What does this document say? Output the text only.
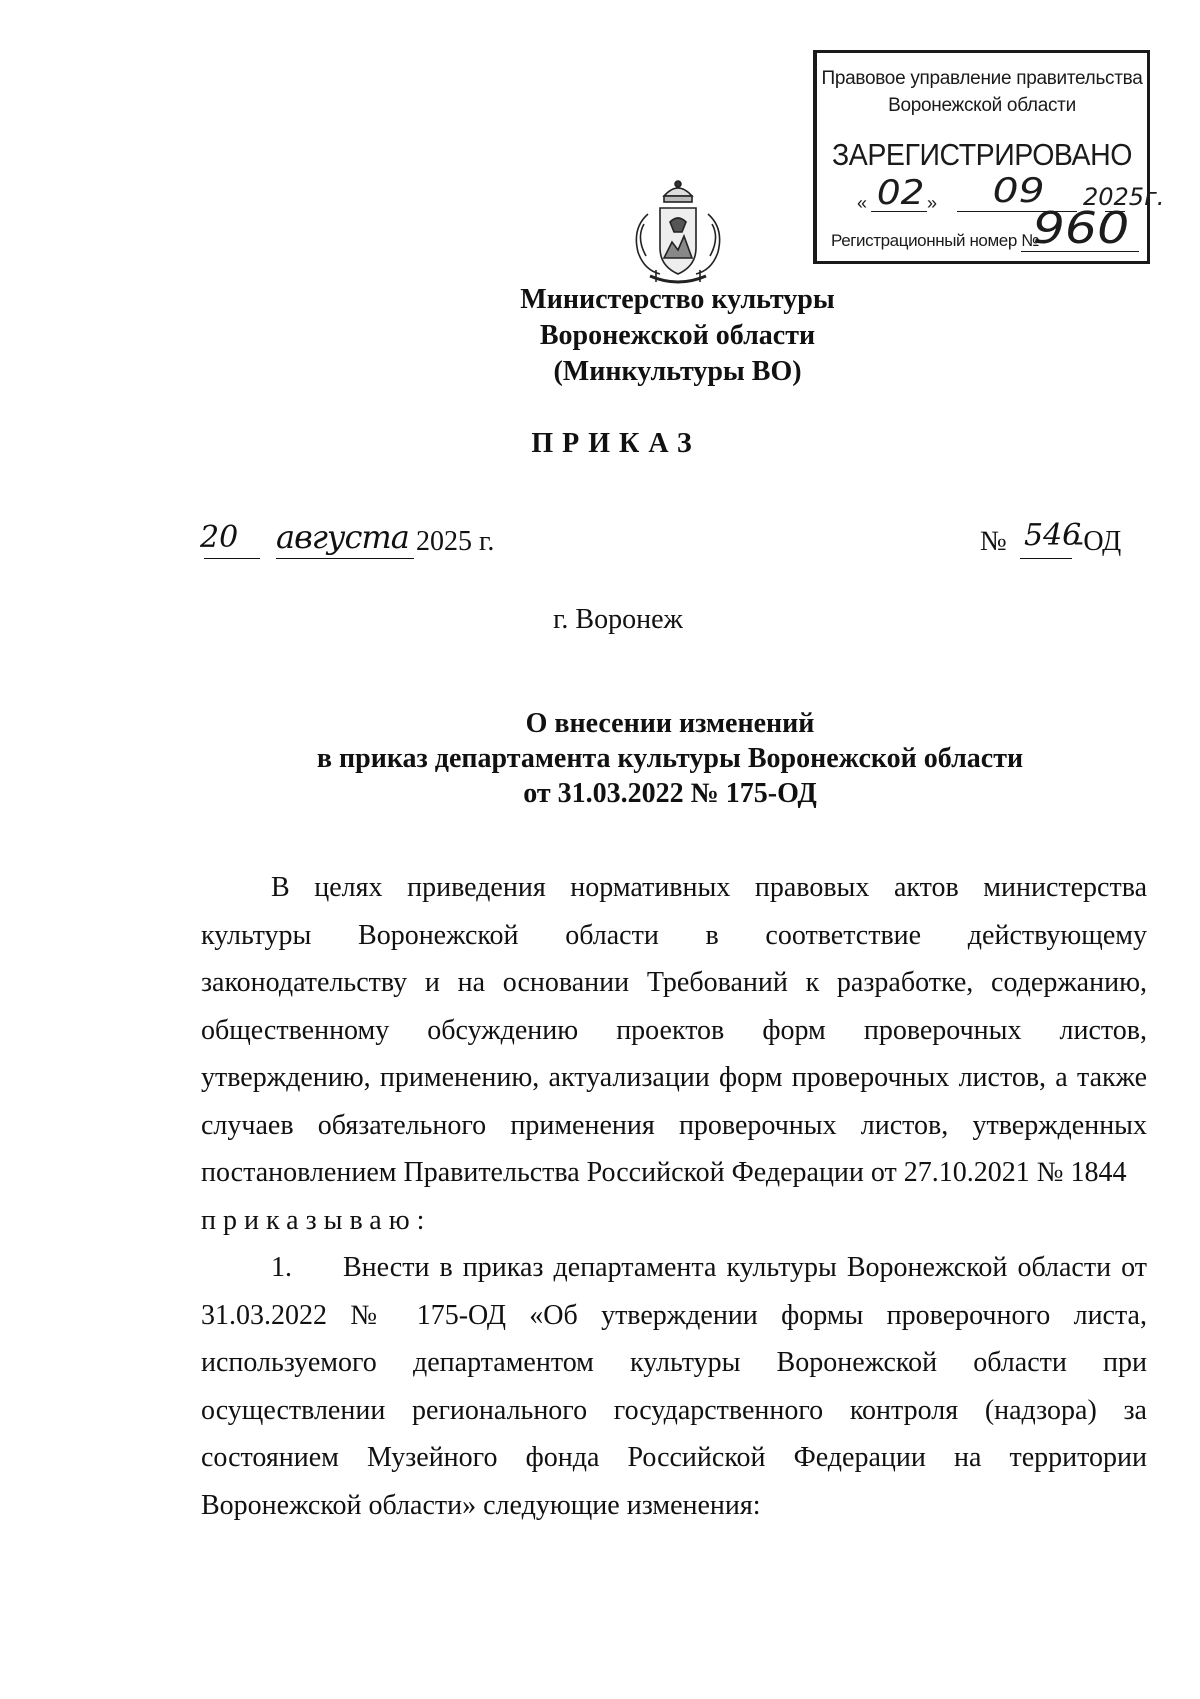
Правовое управление правительства Воронежской области
ЗАРЕГИСТРИРОВАНО
« 02 » 09 2025г.
Регистрационный номер №
960
Министерство культуры
Воронежской области
(Минкультуры ВО)
ПРИКАЗ
20 августа 2025 г.	№ 546
-ОД
г. Воронеж
О внесении изменений
в приказ департамента культуры Воронежской области
от 31.03.2022 № 175-ОД

В целях приведения нормативных правовых актов министерства культуры Воронежской области в соответствие действующему законодательству и на основании Требований к разработке, содержанию, общественному обсуждению проектов форм проверочных листов, утверждению, применению, актуализации форм проверочных листов, а также случаев обязательного применения проверочных листов, утвержденных постановлением Правительства Российской Федерации от 27.10.2021 № 1844

приказываю:

1. Внести в приказ департамента культуры Воронежской области от 31.03.2022 № 175-ОД «Об утверждении формы проверочного листа, используемого департаментом культуры Воронежской области при осуществлении регионального государственного контроля (надзора) за состоянием Музейного фонда Российской Федерации на территории Воронежской области» следующие изменения:
